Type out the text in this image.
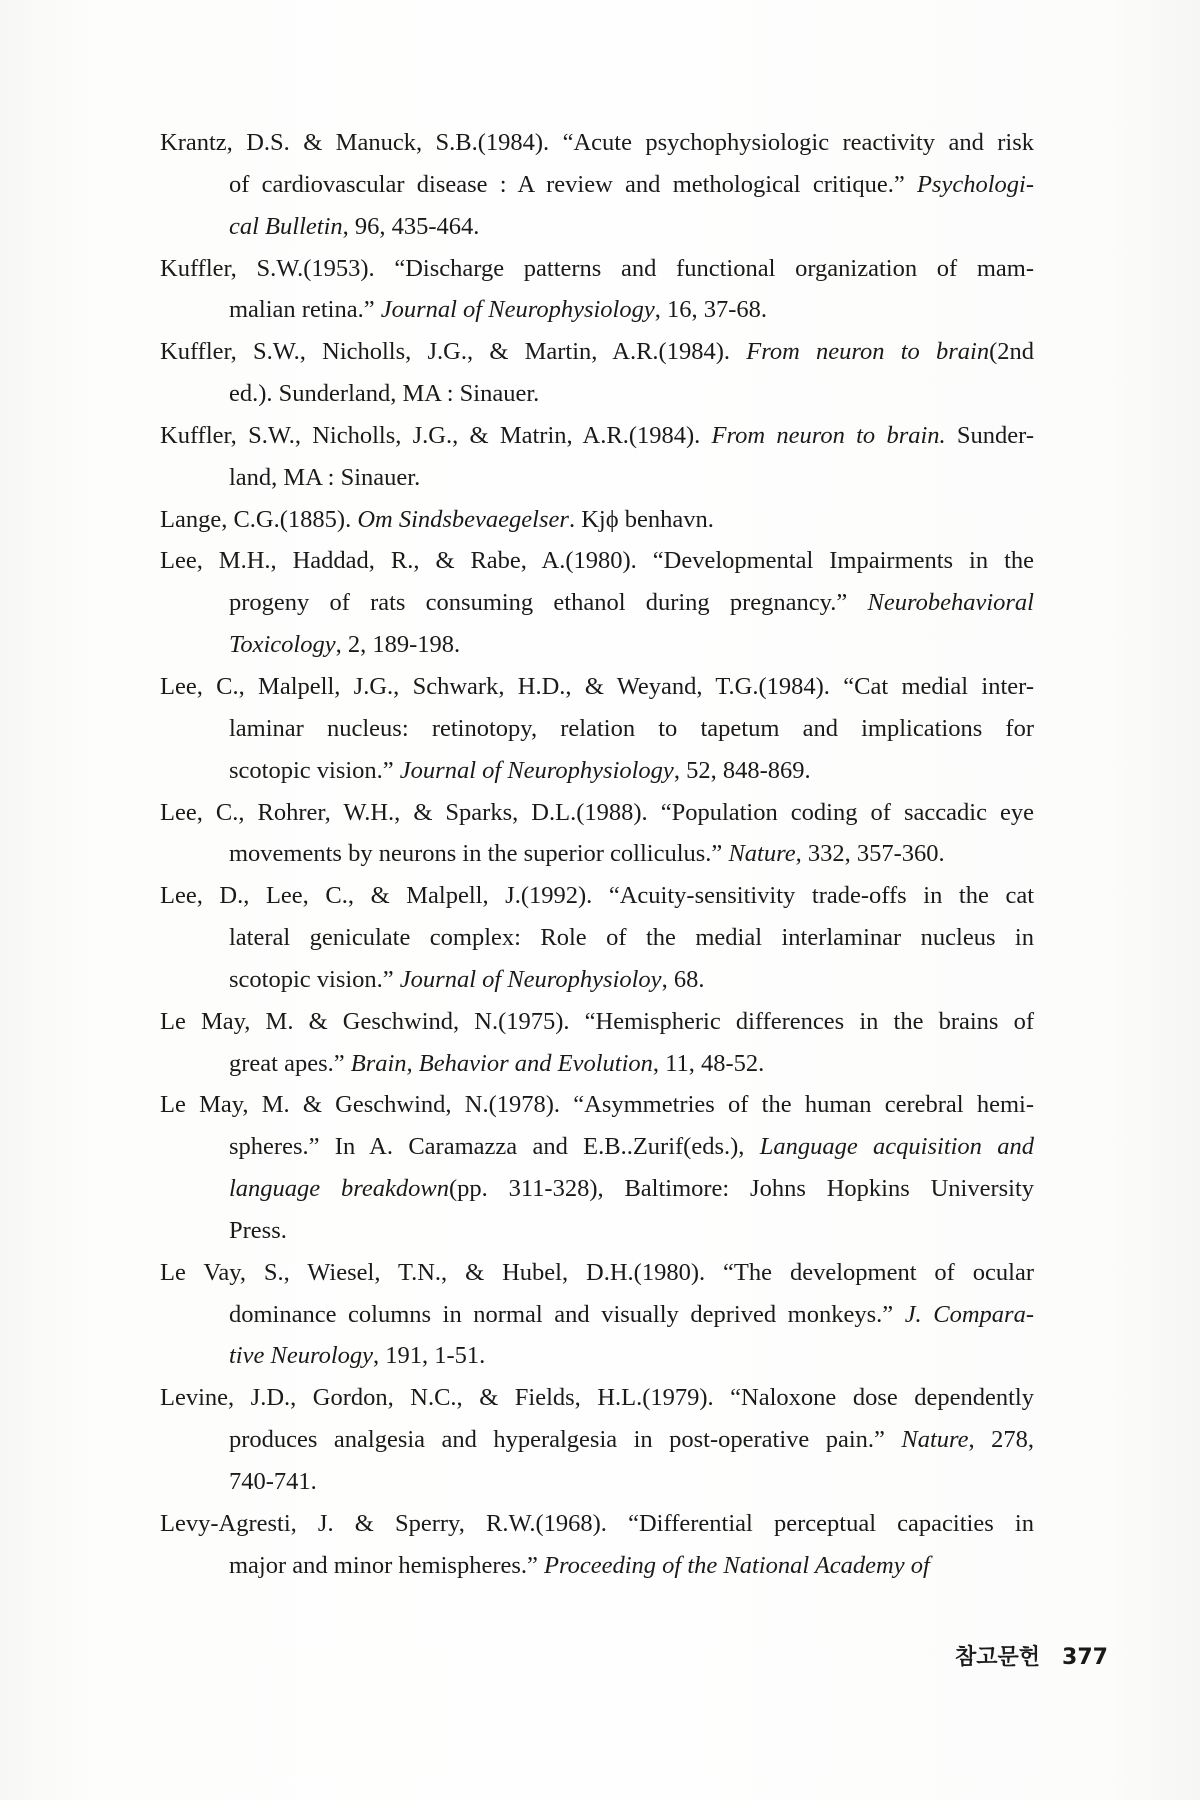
Krantz, D.S. & Manuck, S.B.(1984). “Acute psychophysiologic reactivity and risk
of cardiovascular disease : A review and methological critique.” Psychologi-
cal Bulletin, 96, 435-464.
Kuffler, S.W.(1953). “Discharge patterns and functional organization of mam-
malian retina.” Journal of Neurophysiology, 16, 37-68.
Kuffler, S.W., Nicholls, J.G., & Martin, A.R.(1984). From neuron to brain(2nd
ed.). Sunderland, MA : Sinauer.
Kuffler, S.W., Nicholls, J.G., & Matrin, A.R.(1984). From neuron to brain. Sunder-
land, MA : Sinauer.
Lange, C.G.(1885). Om Sindsbevaegelser. Kjϕ benhavn.
Lee, M.H., Haddad, R., & Rabe, A.(1980). “Developmental Impairments in the
progeny of rats consuming ethanol during pregnancy.” Neurobehavioral
Toxicology, 2, 189-198.
Lee, C., Malpell, J.G., Schwark, H.D., & Weyand, T.G.(1984). “Cat medial inter-
laminar nucleus: retinotopy, relation to tapetum and implications for
scotopic vision.” Journal of Neurophysiology, 52, 848-869.
Lee, C., Rohrer, W.H., & Sparks, D.L.(1988). “Population coding of saccadic eye
movements by neurons in the superior colliculus.” Nature, 332, 357-360.
Lee, D., Lee, C., & Malpell, J.(1992). “Acuity-sensitivity trade-offs in the cat
lateral geniculate complex: Role of the medial interlaminar nucleus in
scotopic vision.” Journal of Neurophysioloy, 68.
Le May, M. & Geschwind, N.(1975). “Hemispheric differences in the brains of
great apes.” Brain, Behavior and Evolution, 11, 48-52.
Le May, M. & Geschwind, N.(1978). “Asymmetries of the human cerebral hemi-
spheres.” In A. Caramazza and E.B..Zurif(eds.), Language acquisition and
language breakdown(pp. 311-328), Baltimore: Johns Hopkins University
Press.
Le Vay, S., Wiesel, T.N., & Hubel, D.H.(1980). “The development of ocular
dominance columns in normal and visually deprived monkeys.” J. Compara-
tive Neurology, 191, 1-51.
Levine, J.D., Gordon, N.C., & Fields, H.L.(1979). “Naloxone dose dependently
produces analgesia and hyperalgesia in post-operative pain.” Nature, 278,
740-741.
Levy-Agresti, J. & Sperry, R.W.(1968). “Differential perceptual capacities in
major and minor hemispheres.” Proceeding of the National Academy of
참고문헌 377
